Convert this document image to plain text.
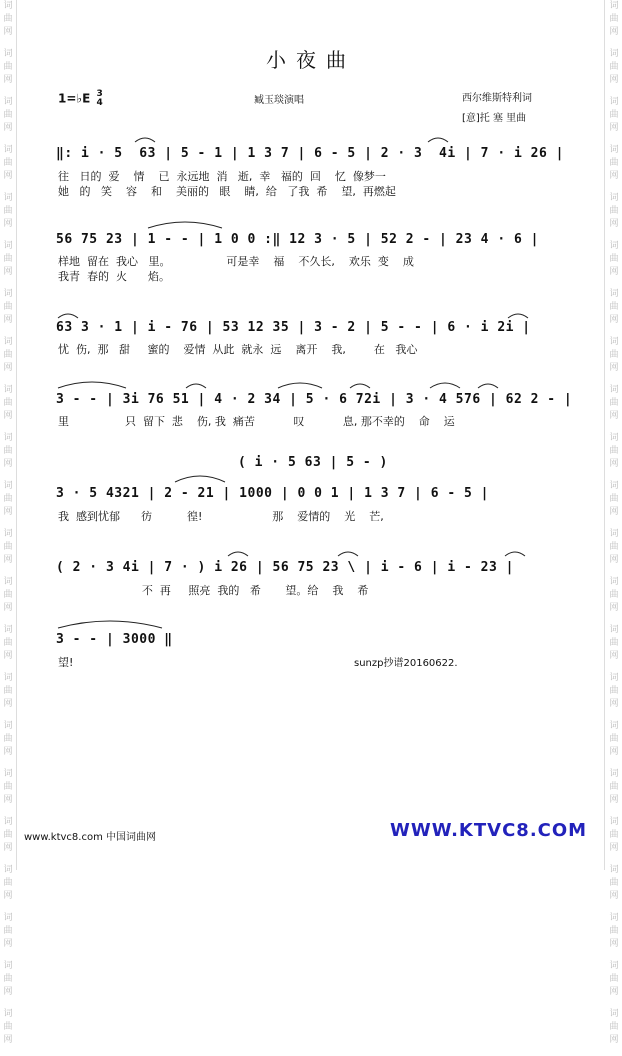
词
曲
网
词
曲
网
词
曲
网
词
曲
网
词
曲
网
词
曲
网
词
曲
网
词
曲
网
词
曲
网
词
曲
网
词
曲
网
词
曲
网
词
曲
网
词
曲
网
词
曲
网
词
曲
网
词
曲
网
词
曲
网
词
曲
网
词
曲
网
词
曲
网
词
曲
网
词
曲
网
词
曲
网
词
曲
网
词
曲
网
词
曲
网
词
曲
网
词
曲
网
词
曲
网
词
曲
网
词
曲
网
词
曲
网
词
曲
网
词
曲
网
词
曲
网
词
曲
网
词
曲
网
词
曲
网
词
曲
网
词
曲
网
词
曲
网
词
曲
网
词
曲
网
小夜曲
1=♭E 3
4	臧玉琰演唱	西尔维斯特利词
[意]托 塞 里曲
‖: i · 5  63 | 5 - 1 | 1 3 7 | 6 - 5 | 2 · 3  4i | 7 · i 26 |
往   日的  爱    情    已  永远地  消   逝,  幸   福的  回    忆  像梦一
她   的   笑    容    和    美丽的   眼    睛,  给   了我  希    望,  再燃起
56 75 23 | 1 - - | 1 0 0 :‖ 12 3 · 5 | 52 2 - | 23 4 · 6 |
样地  留在  我心   里。                可是幸    福    不久长,    欢乐  变    成
我青  春的  火      焰。
63 3 · 1 | i - 76 | 53 12 35 | 3 - 2 | 5 - - | 6 · i 2i |
忧  伤,  那   甜     蜜的    爱情  从此  就永  远    离开    我,        在   我心
3 - - | 3i 76 51 | 4 · 2 34 | 5 · 6 72i | 3 · 4 576 | 62 2 - |
里                只  留下  悲    伤, 我  痛苦           叹           息, 那不幸的    命    运
( i · 5 63 | 5 - )
3 · 5 4321 | 2 - 21 | 1000 | 0 0 1 | 1 3 7 | 6 - 5 |
我  感到忧郁      彷          徨!                    那    爱情的    光    芒,
( 2 · 3 4i | 7 · ) i 26 | 56 75 23 \ | i - 6 | i - 23 |
不  再     照亮  我的   希       望。给    我    希
3 - - | 3000 ‖
望!	sunzp抄谱20160622.
www.ktvc8.com 中国词曲网	WWW.KTVC8.COM
